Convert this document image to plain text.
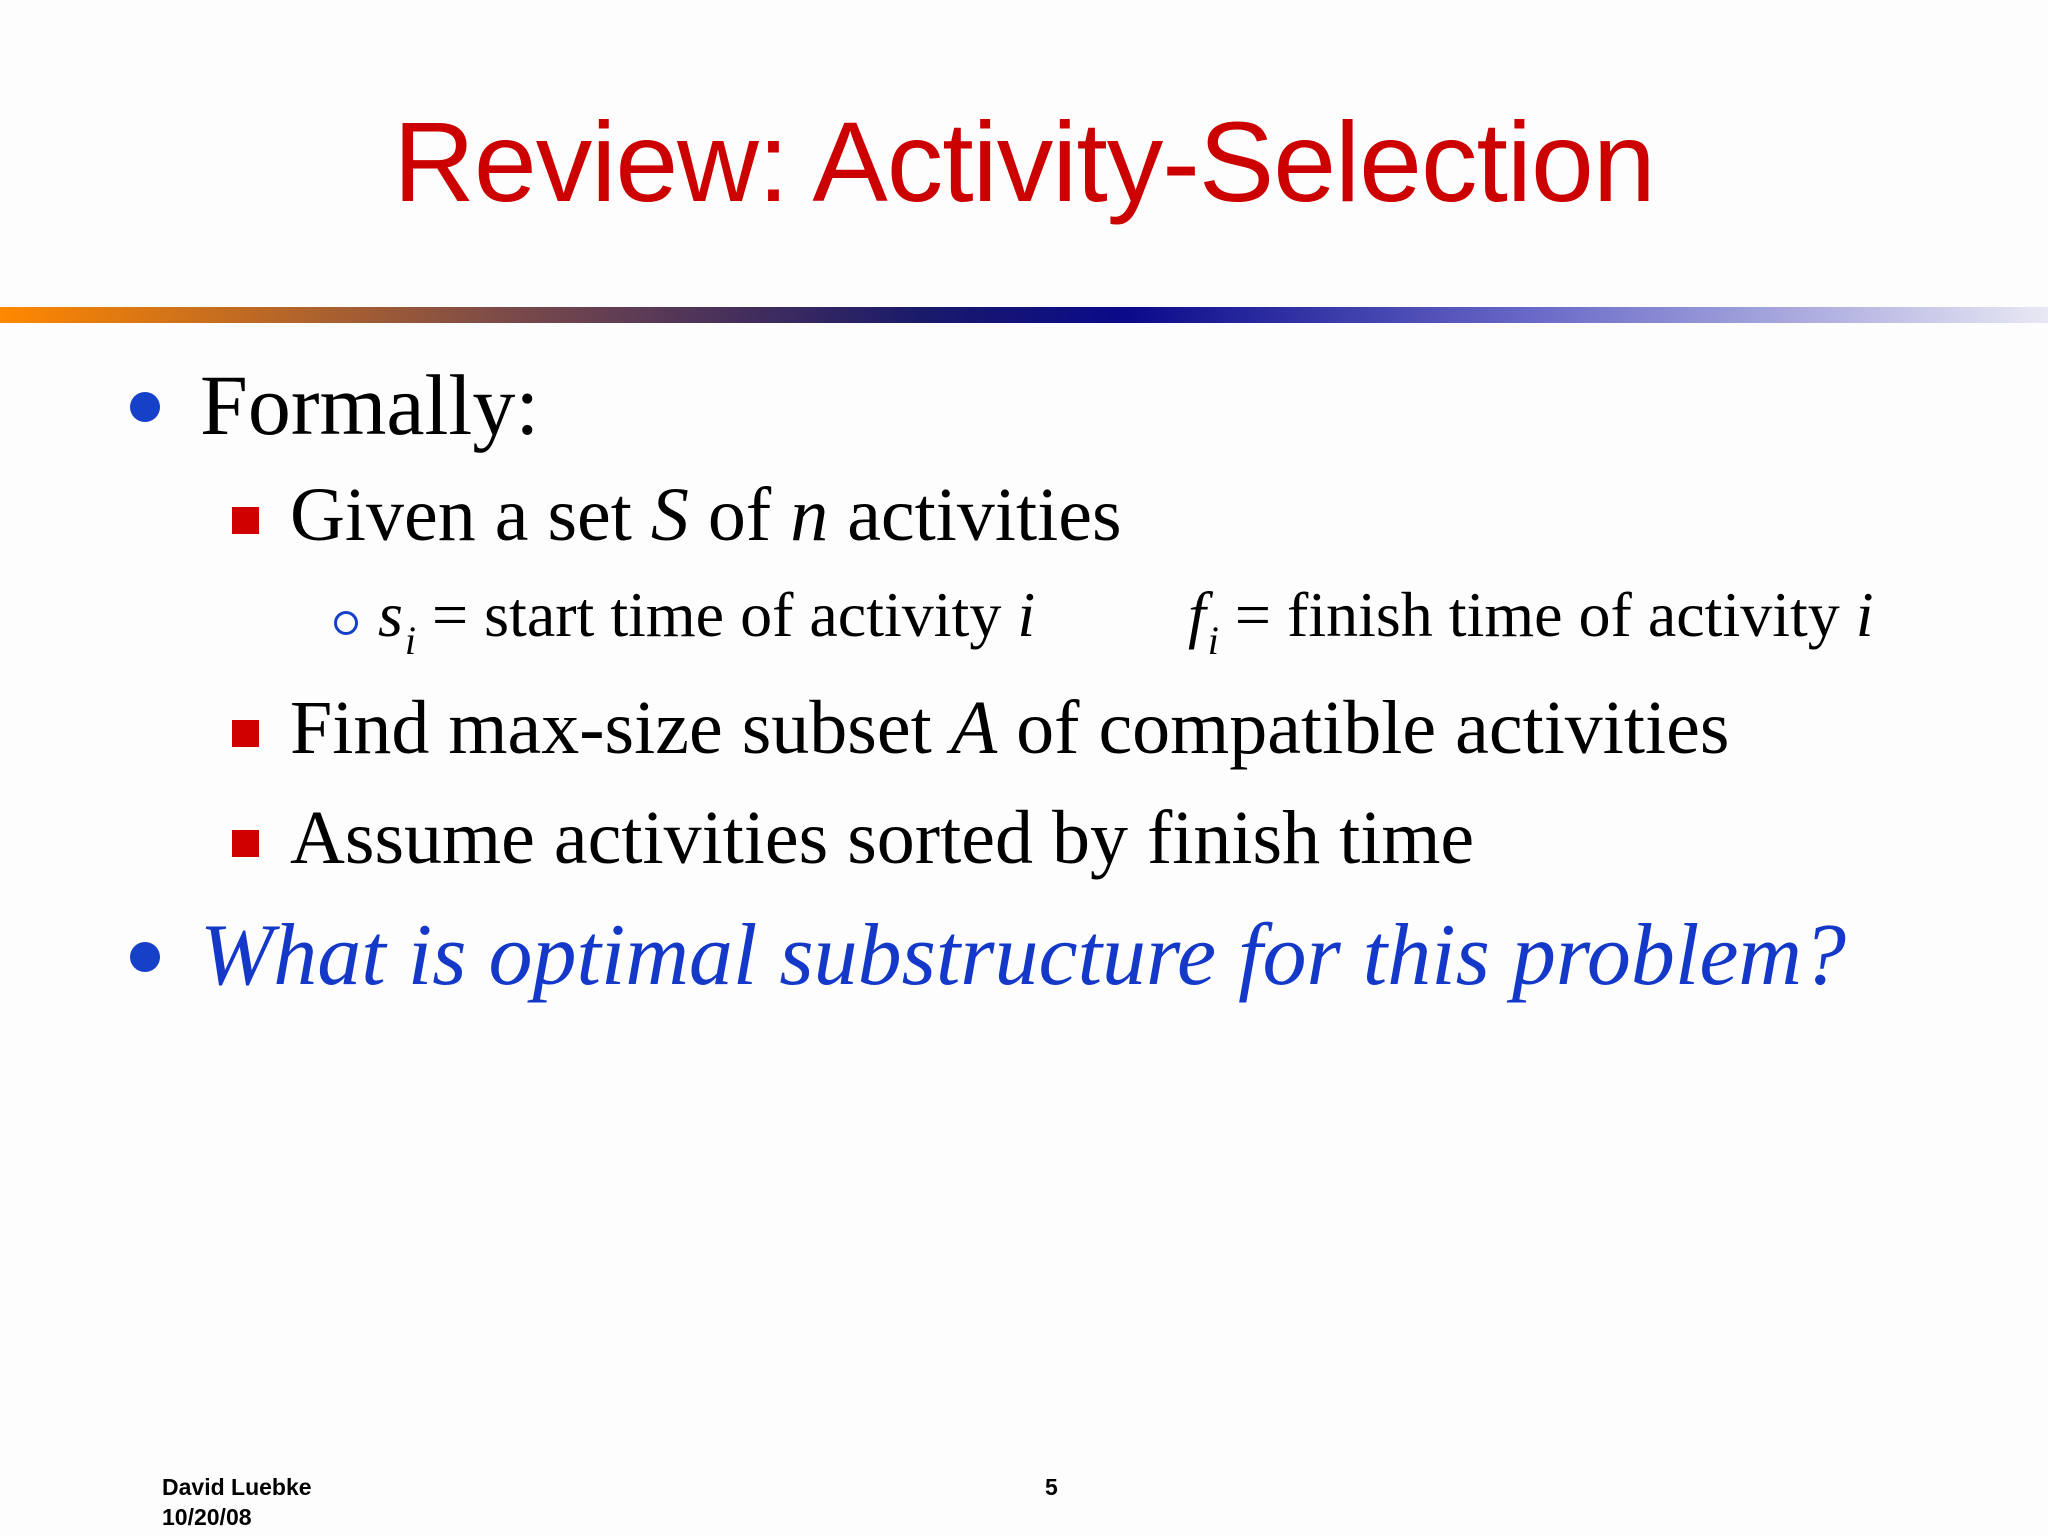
Review: Activity-Selection
Formally:
Given a set S of n activities
$s_i$ = start time of activity i $f_i$ = finish time of activity i
Find max-size subset A of compatible activities
Assume activities sorted by finish time
What is optimal substructure for this problem?
David Luebke
10/20/08
5
